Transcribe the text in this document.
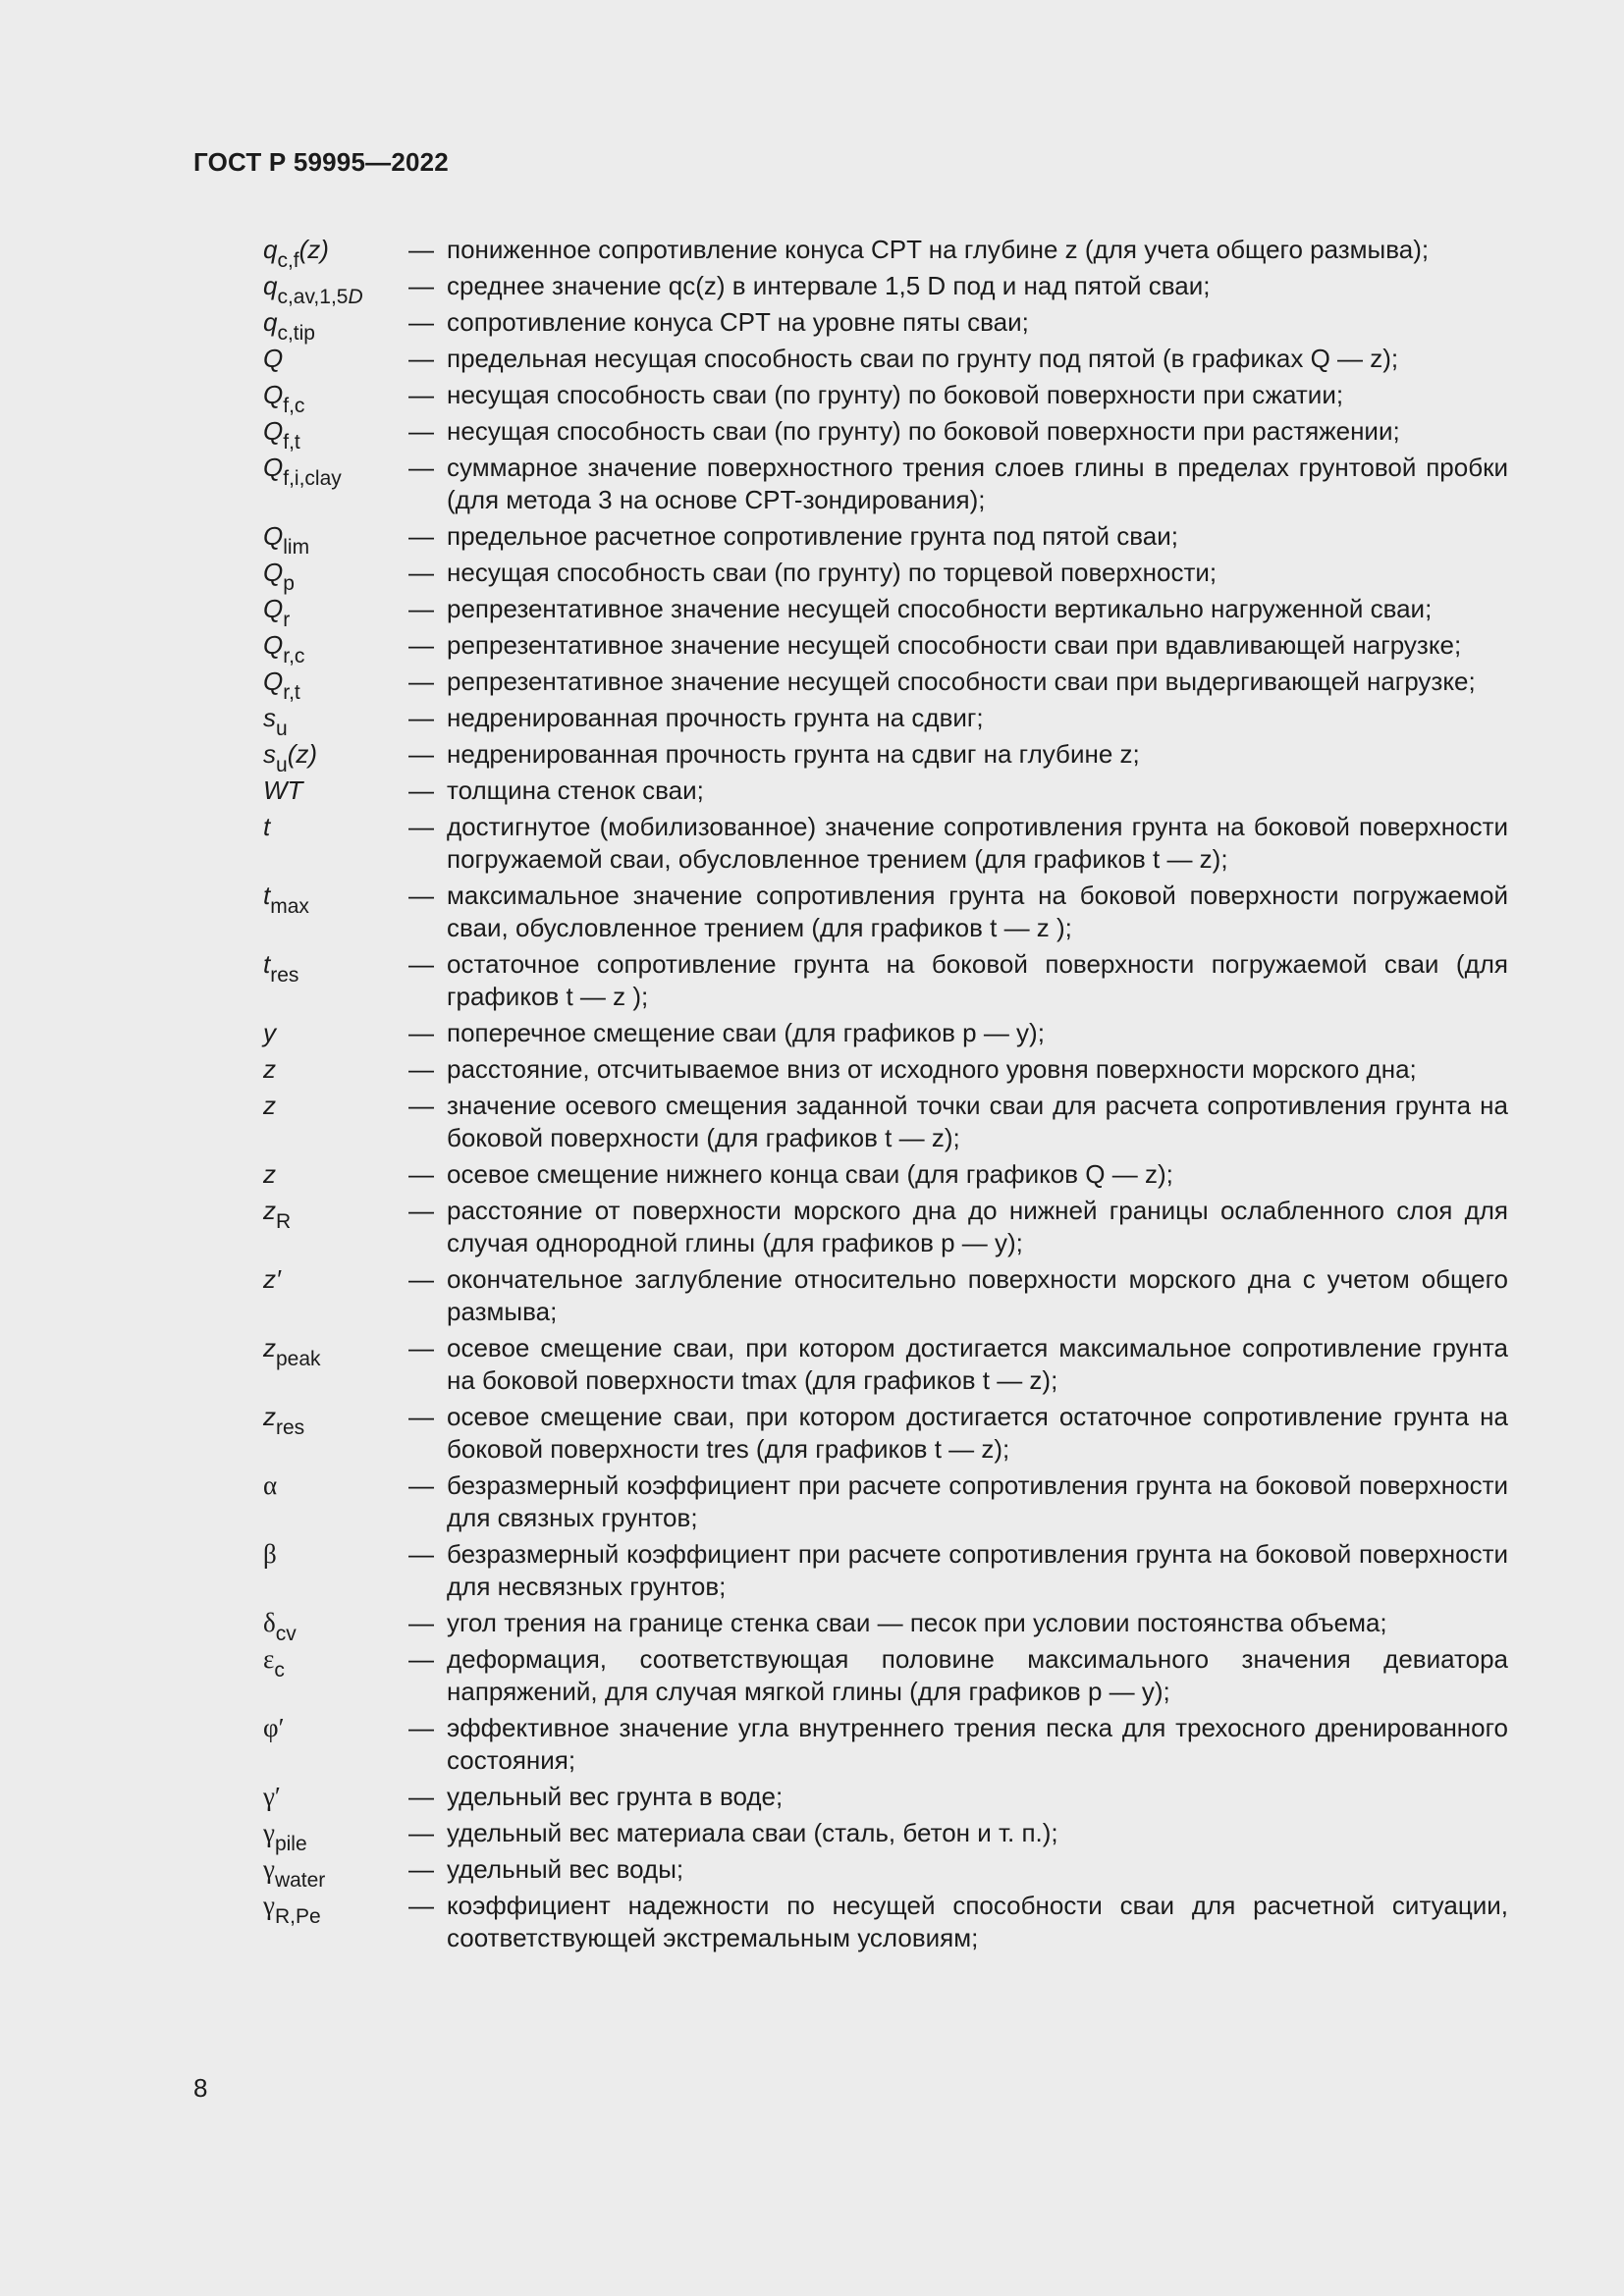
ГОСТ Р 59995—2022
$q_{c,f}(z)$	— пониженное сопротивление конуса CPT на глубине z (для учета общего размыва);
$q_{c,av,1,5D}$	— среднее значение qc(z) в интервале 1,5 D под и над пятой сваи;
$q_{c,tip}$	— сопротивление конуса CPT на уровне пяты сваи;
Q	— предельная несущая способность сваи по грунту под пятой (в графиках Q — z);
$Q_{f,c}$	— несущая способность сваи (по грунту) по боковой поверхности при сжатии;
$Q_{f,t}$	— несущая способность сваи (по грунту) по боковой поверхности при растяжении;
$Q_{f,i,clay}$	— суммарное значение поверхностного трения слоев глины в пределах грунтовой пробки (для метода 3 на основе CPT-зондирования);
$Q_{lim}$	— предельное расчетное сопротивление грунта под пятой сваи;
$Q_p$	— несущая способность сваи (по грунту) по торцевой поверхности;
$Q_r$	— репрезентативное значение несущей способности вертикально нагруженной сваи;
$Q_{r,c}$	— репрезентативное значение несущей способности сваи при вдавливающей нагрузке;
$Q_{r,t}$	— репрезентативное значение несущей способности сваи при выдергивающей нагрузке;
$s_u$	— недренированная прочность грунта на сдвиг;
$s_u(z)$	— недренированная прочность грунта на сдвиг на глубине z;
WT	— толщина стенок сваи;
t	— достигнутое (мобилизованное) значение сопротивления грунта на боковой поверхности погружаемой сваи, обусловленное трением (для графиков t — z);
$t_{max}$	— максимальное значение сопротивления грунта на боковой поверхности погружаемой сваи, обусловленное трением (для графиков t — z );
$t_{res}$	— остаточное сопротивление грунта на боковой поверхности погружаемой сваи (для графиков t — z );
y	— поперечное смещение сваи (для графиков p — y);
z	— расстояние, отсчитываемое вниз от исходного уровня поверхности морского дна;
z	— значение осевого смещения заданной точки сваи для расчета сопротивления грунта на боковой поверхности (для графиков t — z);
z	— осевое смещение нижнего конца сваи (для графиков Q — z);
$z_R$	— расстояние от поверхности морского дна до нижней границы ослабленного слоя для случая однородной глины (для графиков p — y);
z′	— окончательное заглубление относительно поверхности морского дна с учетом общего размыва;
$z_{peak}$	— осевое смещение сваи, при котором достигается максимальное сопротивление грунта на боковой поверхности tmax (для графиков t — z);
$z_{res}$	— осевое смещение сваи, при котором достигается остаточное сопротивление грунта на боковой поверхности tres (для графиков t — z);
α	— безразмерный коэффициент при расчете сопротивления грунта на боковой поверхности для связных грунтов;
β	— безразмерный коэффициент при расчете сопротивления грунта на боковой поверхности для несвязных грунтов;
$\delta_{cv}$	— угол трения на границе стенка сваи — песок при условии постоянства объема;
$\varepsilon_c$	— деформация, соответствующая половине максимального значения девиатора напряжений, для случая мягкой глины (для графиков p — y);
φ′	— эффективное значение угла внутреннего трения песка для трехосного дренированного состояния;
γ′	— удельный вес грунта в воде;
$\gamma_{pile}$	— удельный вес материала сваи (сталь, бетон и т. п.);
$\gamma_{water}$	— удельный вес воды;
$\gamma_{R,Pe}$	— коэффициент надежности по несущей способности сваи для расчетной ситуации, соответствующей экстремальным условиям;
8
